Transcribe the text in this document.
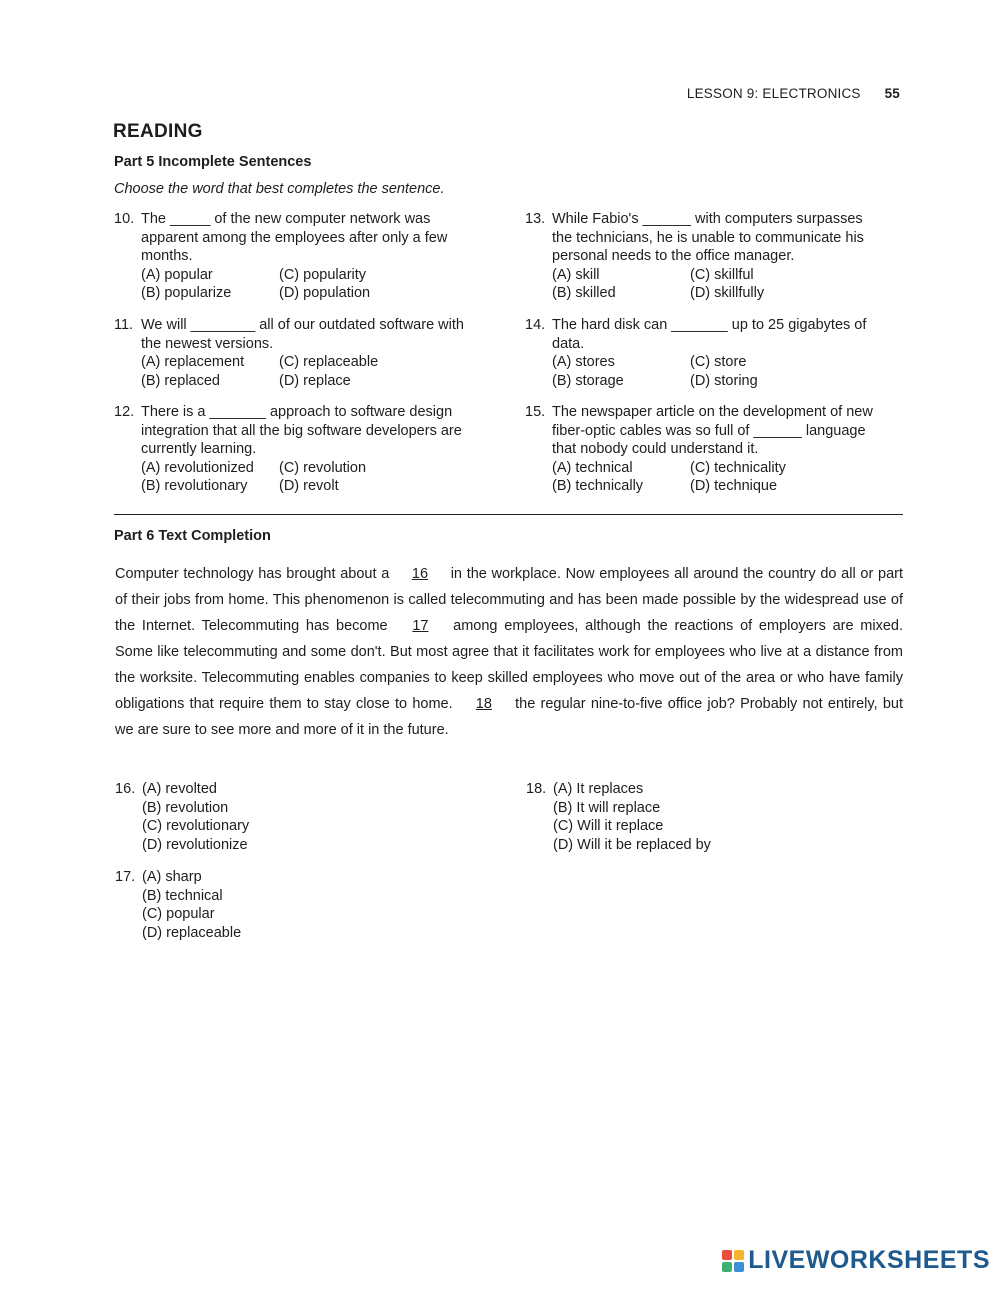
LESSON 9: ELECTRONICS 55
READING
Part 5 Incomplete Sentences
Choose the word that best completes the sentence.
10. The _____ of the new computer network was
apparent among the employees after only a few
months.
(A) popular	(C) popularity
(B) popularize	(D) population
11. We will ________ all of our outdated software with
the newest versions.
(A) replacement	(C) replaceable
(B) replaced	(D) replace
12. There is a _______ approach to software design
integration that all the big software developers are
currently learning.
(A) revolutionized	(C) revolution
(B) revolutionary	(D) revolt
13. While Fabio's ______ with computers surpasses
the technicians, he is unable to communicate his
personal needs to the office manager.
(A) skill	(C) skillful
(B) skilled	(D) skillfully
14. The hard disk can _______ up to 25 gigabytes of
data.
(A) stores	(C) store
(B) storage	(D) storing
15. The newspaper article on the development of new
fiber-optic cables was so full of ______ language
that nobody could understand it.
(A) technical	(C) technicality
(B) technically	(D) technique
Part 6 Text Completion
Computer technology has brought about a 16 in the workplace. Now employees all around the country do all or part of their jobs from home. This phenomenon is called telecommuting and has been made possible by the widespread use of the Internet. Telecommuting has become 17 among employees, although the reactions of employers are mixed. Some like telecommuting and some don't. But most agree that it facilitates work for employees who live at a distance from the worksite. Telecommuting enables companies to keep skilled employees who move out of the area or who have family obligations that require them to stay close to home. 18 the regular nine-to-five office job? Probably not entirely, but we are sure to see more and more of it in the future.
16. (A) revolted
(B) revolution
(C) revolutionary
(D) revolutionize
17. (A) sharp
(B) technical
(C) popular
(D) replaceable
18. (A) It replaces
(B) It will replace
(C) Will it replace
(D) Will it be replaced by
LIVEWORKSHEETS
